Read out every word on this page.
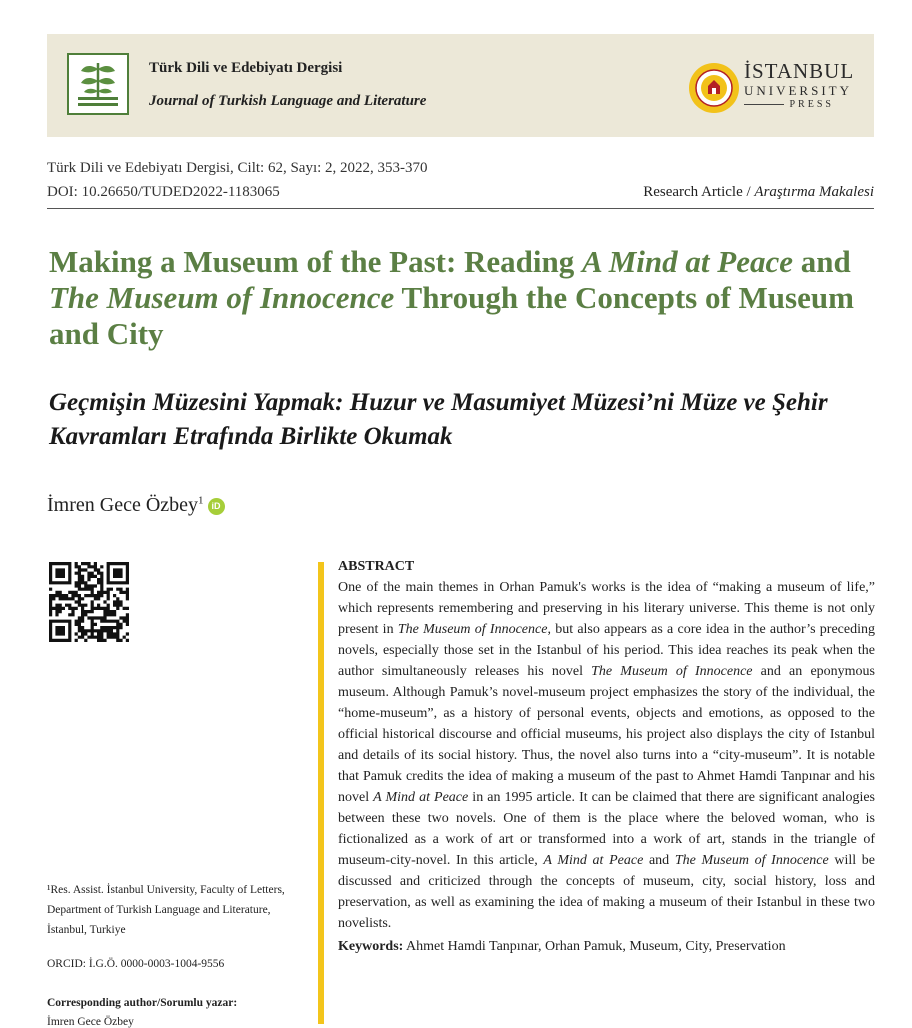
Türk Dili ve Edebiyatı Dergisi
Journal of Turkish Language and Literature
İSTANBUL
UNIVERSITY
PRESS
Türk Dili ve Edebiyatı Dergisi, Cilt: 62, Sayı: 2, 2022, 353-370
DOI: 10.26650/TUDED2022-1183065	Research Article / Araştırma Makalesi
Making a Museum of the Past: Reading A Mind at Peace and The Museum of Innocence Through the Concepts of Museum and City
Geçmişin Müzesini Yapmak: Huzur ve Masumiyet Müzesi’ni Müze ve Şehir Kavramları Etrafında Birlikte Okumak
İmren Gece Özbey$^1$ iD
¹Res. Assist. İstanbul University, Faculty of Letters, Department of Turkish Language and Literature, İstanbul, Turkiye
ORCID: İ.G.Ö. 0000-0003-1004-9556
Corresponding author/Sorumlu yazar:
İmren Gece Özbey
ABSTRACT

One of the main themes in Orhan Pamuk's works is the idea of “making a museum of life,” which represents remembering and preserving in his literary universe. This theme is not only present in The Museum of Innocence, but also appears as a core idea in the author’s preceding novels, especially those set in the Istanbul of his period. This idea reaches its peak when the author simultaneously releases his novel The Museum of Innocence and an eponymous museum. Although Pamuk’s novel-museum project emphasizes the story of the individual, the “home-museum”, as a history of personal events, objects and emotions, as opposed to the official historical discourse and official museums, his project also displays the city of Istanbul and details of its social history. Thus, the novel also turns into a “city-museum”. It is notable that Pamuk credits the idea of making a museum of the past to Ahmet Hamdi Tanpınar and his novel A Mind at Peace in an 1995 article. It can be claimed that there are significant analogies between these two novels. One of them is the place where the beloved woman, who is fictionalized as a work of art or transformed into a work of art, stands in the triangle of museum-city-novel. In this article, A Mind at Peace and The Museum of Innocence will be discussed and criticized through the concepts of museum, city, social history, loss and preservation, as well as examining the idea of making a museum of their Istanbul in these two novelists.

Keywords: Ahmet Hamdi Tanpınar, Orhan Pamuk, Museum, City, Preservation
